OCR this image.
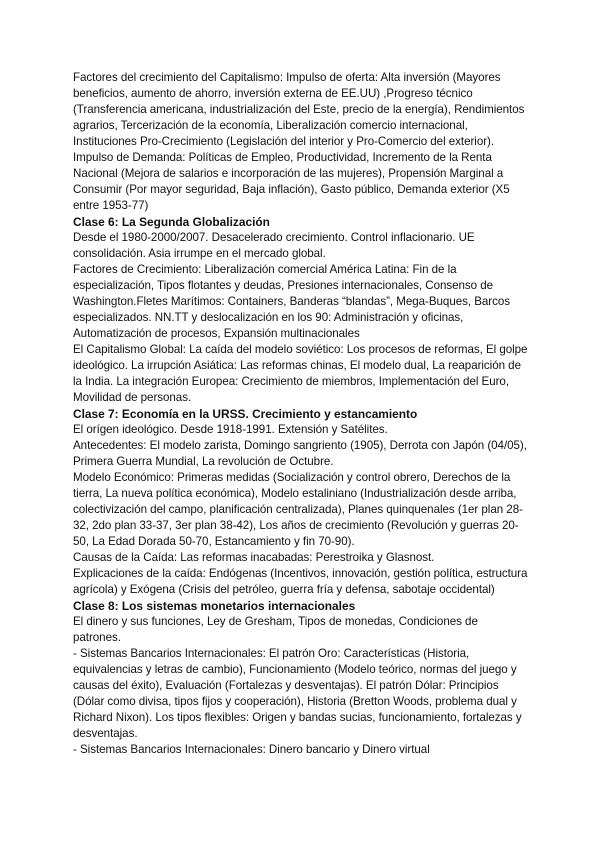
Factores del crecimiento del Capitalismo: Impulso de oferta: Alta inversión (Mayores beneficios, aumento de ahorro, inversión externa de EE.UU) ,Progreso técnico (Transferencia americana, industrialización del Este, precio de la energía), Rendimientos agrarios, Tercerización de la economía, Liberalización comercio internacional, Instituciones Pro-Crecimiento (Legislación del interior y Pro-Comercio del exterior). Impulso de Demanda: Políticas de Empleo, Productividad, Incremento de la Renta Nacional (Mejora de salarios e incorporación de las mujeres), Propensión Marginal a Consumir (Por mayor seguridad, Baja inflación), Gasto público, Demanda exterior (X5 entre 1953-77)

Clase 6: La Segunda Globalización

Desde el 1980-2000/2007. Desacelerado crecimiento. Control inflacionario. UE consolidación. Asia irrumpe en el mercado global.

Factores de Crecimiento: Liberalización comercial América Latina: Fin de la especialización, Tipos flotantes y deudas, Presiones internacionales, Consenso de Washington.Fletes Marítimos: Containers, Banderas “blandas”, Mega-Buques, Barcos especializados. NN.TT y deslocalización en los 90: Administración y oficinas, Automatización de procesos, Expansión multinacionales

El Capitalismo Global: La caída del modelo soviético: Los procesos de reformas, El golpe ideológico. La irrupción Asiática: Las reformas chinas, El modelo dual, La reaparición de la India. La integración Europea: Crecimiento de miembros, Implementación del Euro, Movilidad de personas.

Clase 7: Economía en la URSS. Crecimiento y estancamiento

El orígen ideológico. Desde 1918-1991. Extensión y Satélites.

Antecedentes: El modelo zarista, Domingo sangriento (1905), Derrota con Japón (04/05), Primera Guerra Mundial, La revolución de Octubre.

Modelo Económico: Primeras medidas (Socialización y control obrero, Derechos de la tierra, La nueva política económica), Modelo estaliniano (Industrialización desde arriba, colectivización del campo, planificación centralizada), Planes quinquenales (1er plan 28-32, 2do plan 33-37, 3er plan 38-42), Los años de crecimiento (Revolución y guerras 20-50, La Edad Dorada 50-70, Estancamiento y fin 70-90).

Causas de la Caída: Las reformas inacabadas: Perestroika y Glasnost.

Explicaciones de la caída: Endógenas (Incentivos, innovación, gestión política, estructura agrícola) y Exógena (Crisis del petróleo, guerra fría y defensa, sabotaje occidental)

Clase 8: Los sistemas monetarios internacionales

El dinero y sus funciones, Ley de Gresham, Tipos de monedas, Condiciones de patrones.

- Sistemas Bancarios Internacionales: El patrón Oro: Características (Historia, equivalencias y letras de cambio), Funcionamiento (Modelo teórico, normas del juego y causas del éxito), Evaluación (Fortalezas y desventajas). El patrón Dólar: Principios (Dólar como divisa, tipos fijos y cooperación), Historia (Bretton Woods, problema dual y Richard Nixon). Los tipos flexibles: Origen y bandas sucias, funcionamiento, fortalezas y desventajas.

- Sistemas Bancarios Internacionales: Dinero bancario y Dinero virtual
